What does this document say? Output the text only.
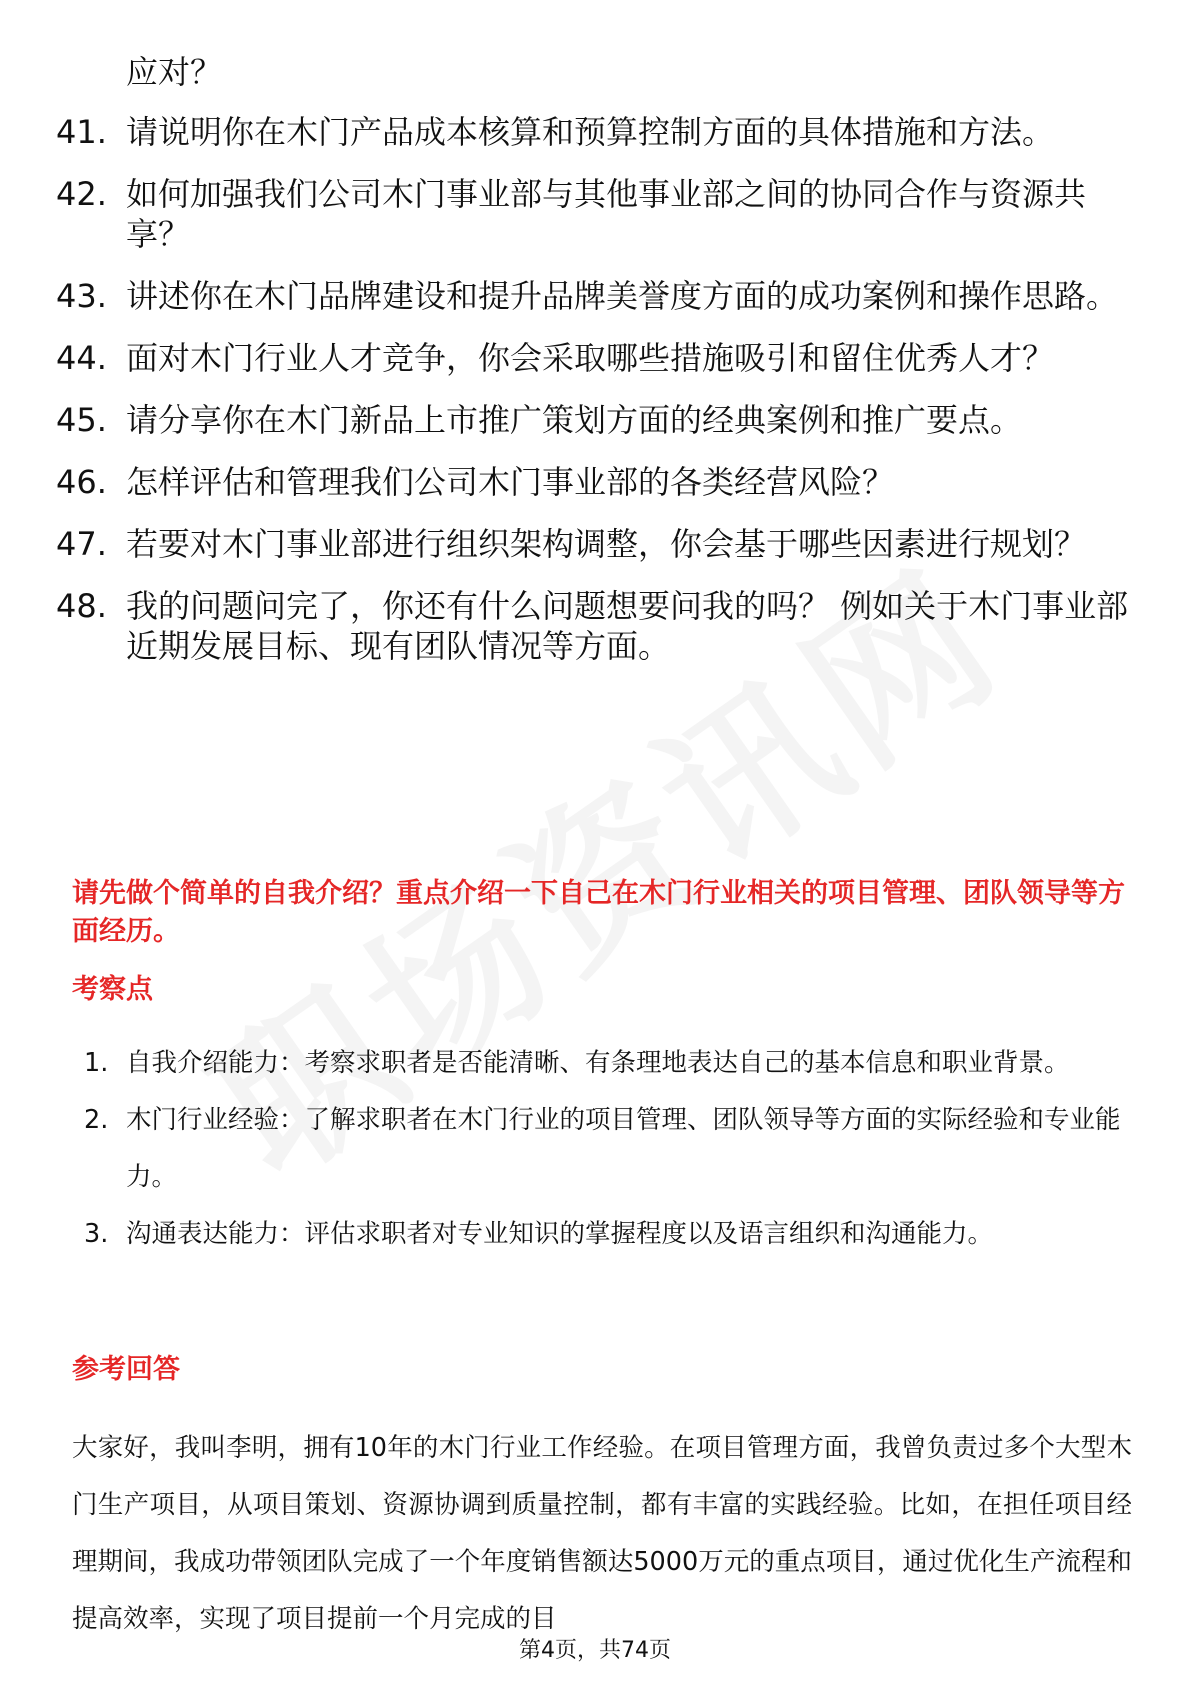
应对？
41. 请说明你在木门产品成本核算和预算控制方面的具体措施和方法。
42. 如何加强我们公司木门事业部与其他事业部之间的协同合作与资源共享？
43. 讲述你在木门品牌建设和提升品牌美誉度方面的成功案例和操作思路。
44. 面对木门行业人才竞争，你会采取哪些措施吸引和留住优秀人才？
45. 请分享你在木门新品上市推广策划方面的经典案例和推广要点。
46. 怎样评估和管理我们公司木门事业部的各类经营风险？
47. 若要对木门事业部进行组织架构调整，你会基于哪些因素进行规划？
48. 我的问题问完了，你还有什么问题想要问我的吗？ 例如关于木门事业部近期发展目标、现有团队情况等方面。
请先做个简单的自我介绍？重点介绍一下自己在木门行业相关的项目管理、团队领导等方面经历。
考察点
1. 自我介绍能力：考察求职者是否能清晰、有条理地表达自己的基本信息和职业背景。
2. 木门行业经验：了解求职者在木门行业的项目管理、团队领导等方面的实际经验和专业能力。
3. 沟通表达能力：评估求职者对专业知识的掌握程度以及语言组织和沟通能力。
参考回答
大家好，我叫李明，拥有10年的木门行业工作经验。在项目管理方面，我曾负责过多个大型木门生产项目，从项目策划、资源协调到质量控制，都有丰富的实践经验。比如，在担任项目经理期间，我成功带领团队完成了一个年度销售额达5000万元的重点项目，通过优化生产流程和提高效率，实现了项目提前一个月完成的目
第4页，共74页
